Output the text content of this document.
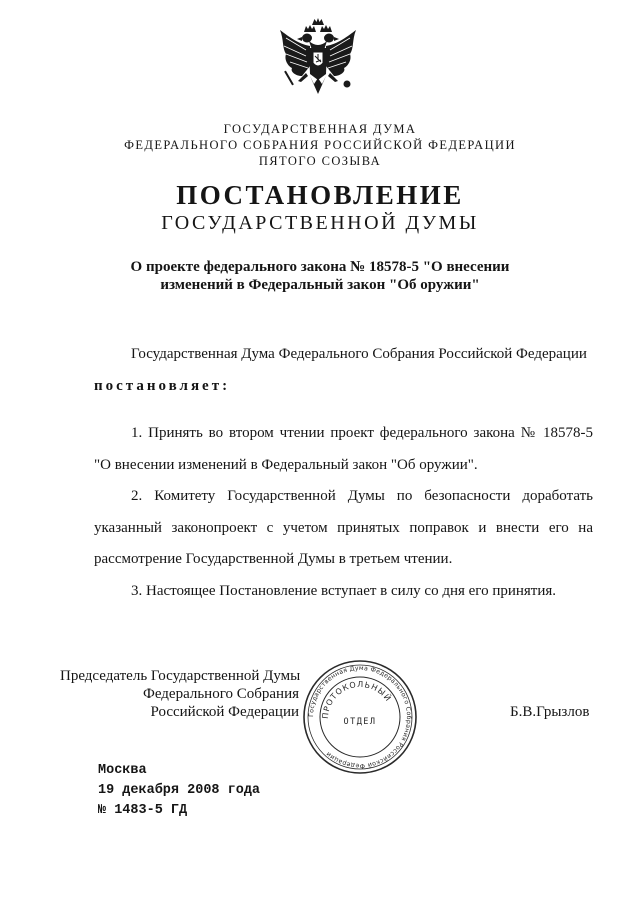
ГОСУДАРСТВЕННАЯ ДУМА
ФЕДЕРАЛЬНОГО СОБРАНИЯ РОССИЙСКОЙ ФЕДЕРАЦИИ
ПЯТОГО СОЗЫВА
ПОСТАНОВЛЕНИЕ
ГОСУДАРСТВЕННОЙ ДУМЫ
О проекте федерального закона № 18578-5 "О внесении
изменений в Федеральный закон "Об оружии"
Государственная Дума Федерального Собрания Российской Федерации
постановляет:
1. Принять во втором чтении проект федерального закона № 18578-5
"О внесении изменений в Федеральный закон "Об оружии".
2. Комитету Государственной Думы по безопасности доработать
указанный законопроект с учетом принятых поправок и внести его на
рассмотрение Государственной Думы в третьем чтении.
3. Настоящее Постановление вступает в силу со дня его принятия.
Председатель Государственной Думы
Федерального Собрания
Российской Федерации	Б.В.Грызлов
Государственная Дума Федерального Собрания Российской Федерации
ПРОТОКОЛЬНЫЙ
ОТДЕЛ
Москва
19 декабря 2008 года
№ 1483-5 ГД
